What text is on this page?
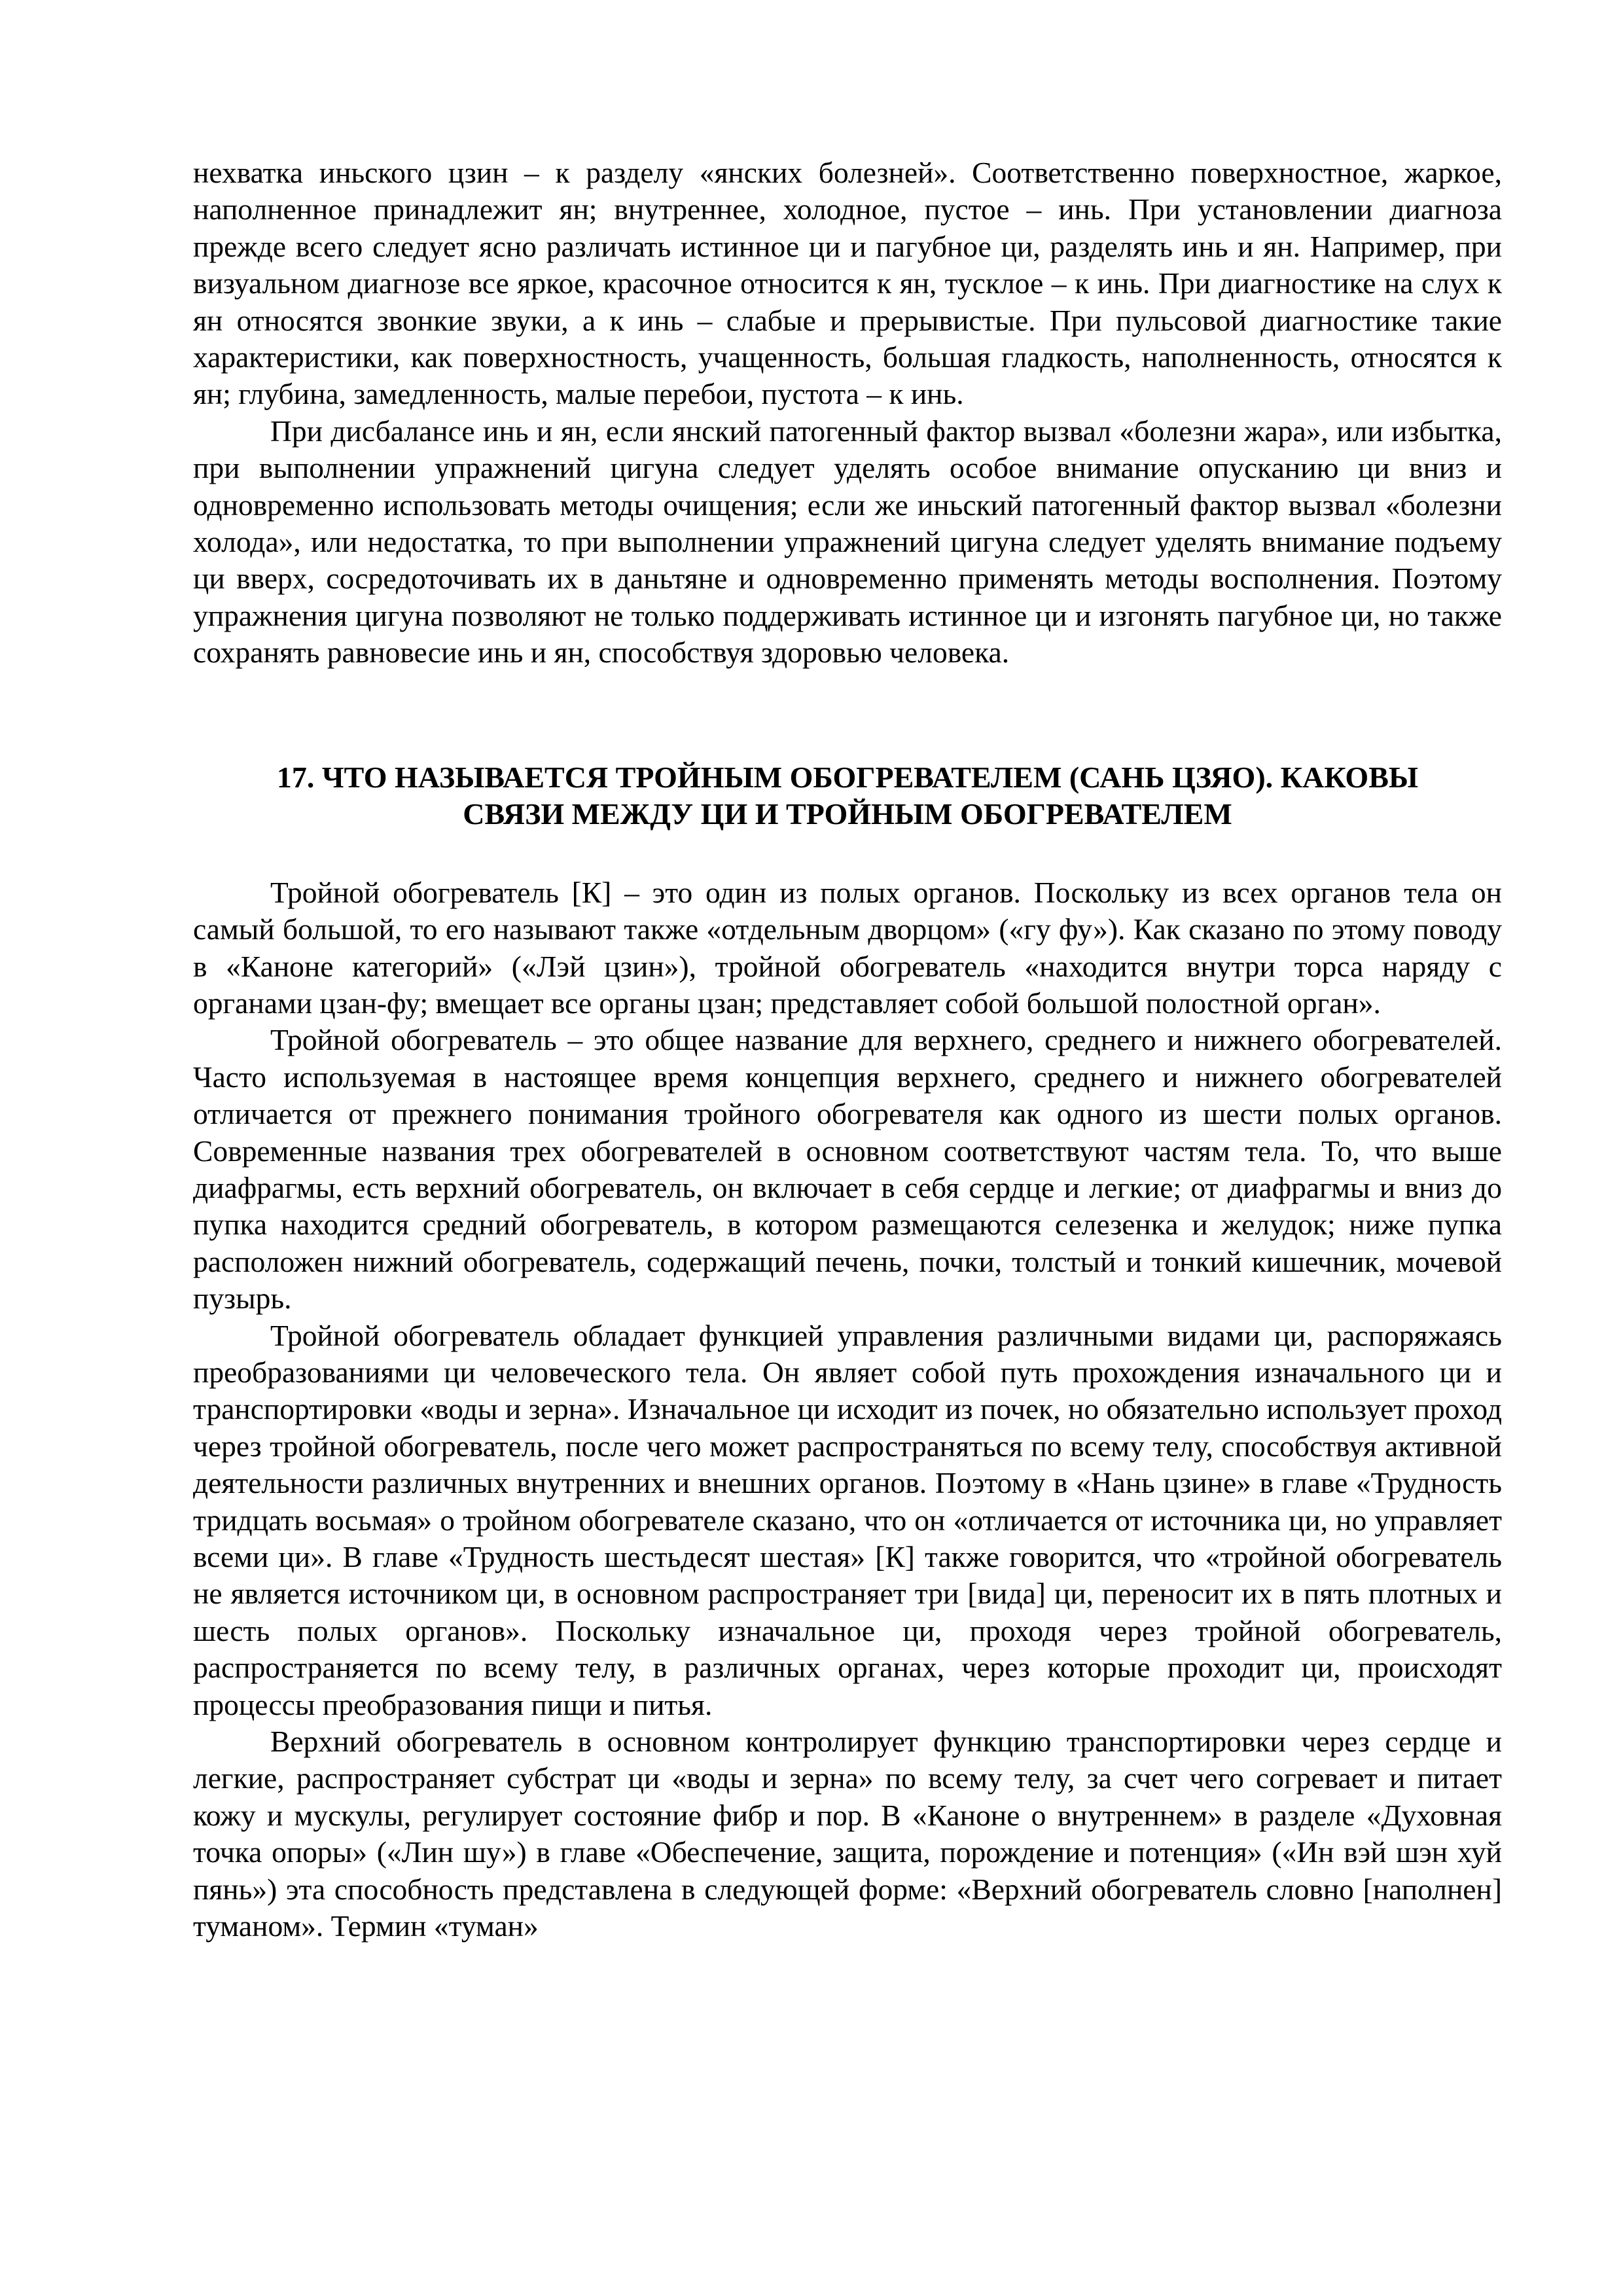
нехватка иньского цзин – к разделу «янских болезней». Соответственно поверхностное, жаркое, наполненное принадлежит ян; внутреннее, холодное, пустое – инь. При установлении диагноза прежде всего следует ясно различать истинное ци и пагубное ци, разделять инь и ян. Например, при визуальном диагнозе все яркое, красочное относится к ян, тусклое – к инь. При диагностике на слух к ян относятся звонкие звуки, а к инь – слабые и прерывистые. При пульсовой диагностике такие характеристики, как поверхностность, учащенность, большая гладкость, наполненность, относятся к ян; глубина, замедленность, малые перебои, пустота – к инь.

При дисбалансе инь и ян, если янский патогенный фактор вызвал «болезни жара», или избытка, при выполнении упражнений цигуна следует уделять особое внимание опусканию ци вниз и одновременно использовать методы очищения; если же иньский патогенный фактор вызвал «болезни холода», или недостатка, то при выполнении упражнений цигуна следует уделять внимание подъему ци вверх, сосредоточивать их в даньтяне и одновременно применять методы восполнения. Поэтому упражнения цигуна позволяют не только поддерживать истинное ци и изгонять пагубное ци, но также сохранять равновесие инь и ян, способствуя здоровью человека.

17. ЧТО НАЗЫВАЕТСЯ ТРОЙНЫМ ОБОГРЕВАТЕЛЕМ (САНЬ ЦЗЯО). КАКОВЫ
СВЯЗИ МЕЖДУ ЦИ И ТРОЙНЫМ ОБОГРЕВАТЕЛЕМ

Тройной обогреватель [К] – это один из полых органов. Поскольку из всех органов тела он самый большой, то его называют также «отдельным дворцом» («гу фу»). Как сказано по этому поводу в «Каноне категорий» («Лэй цзин»), тройной обогреватель «находится внутри торса наряду с органами цзан-фу; вмещает все органы цзан; представляет собой большой полостной орган».

Тройной обогреватель – это общее название для верхнего, среднего и нижнего обогревателей. Часто используемая в настоящее время концепция верхнего, среднего и нижнего обогревателей отличается от прежнего понимания тройного обогревателя как одного из шести полых органов. Современные названия трех обогревателей в основном соответствуют частям тела. То, что выше диафрагмы, есть верхний обогреватель, он включает в себя сердце и легкие; от диафрагмы и вниз до пупка находится средний обогреватель, в котором размещаются селезенка и желудок; ниже пупка расположен нижний обогреватель, содержащий печень, почки, толстый и тонкий кишечник, мочевой пузырь.

Тройной обогреватель обладает функцией управления различными видами ци, распоряжаясь преобразованиями ци человеческого тела. Он являет собой путь прохождения изначального ци и транспортировки «воды и зерна». Изначальное ци исходит из почек, но обязательно использует проход через тройной обогреватель, после чего может распространяться по всему телу, способствуя активной деятельности различных внутренних и внешних органов. Поэтому в «Нань цзине» в главе «Трудность тридцать восьмая» о тройном обогревателе сказано, что он «отличается от источника ци, но управляет всеми ци». В главе «Трудность шестьдесят шестая» [К] также говорится, что «тройной обогреватель не является источником ци, в основном распространяет три [вида] ци, переносит их в пять плотных и шесть полых органов». Поскольку изначальное ци, проходя через тройной обогреватель, распространяется по всему телу, в различных органах, через которые проходит ци, происходят процессы преобразования пищи и питья.

Верхний обогреватель в основном контролирует функцию транспортировки через сердце и легкие, распространяет субстрат ци «воды и зерна» по всему телу, за счет чего согревает и питает кожу и мускулы, регулирует состояние фибр и пор. В «Каноне о внутреннем» в разделе «Духовная точка опоры» («Лин шу») в главе «Обеспечение, защита, порождение и потенция» («Ин вэй шэн хуй пянь») эта способность представлена в следующей форме: «Верхний обогреватель словно [наполнен] туманом». Термин «туман»
